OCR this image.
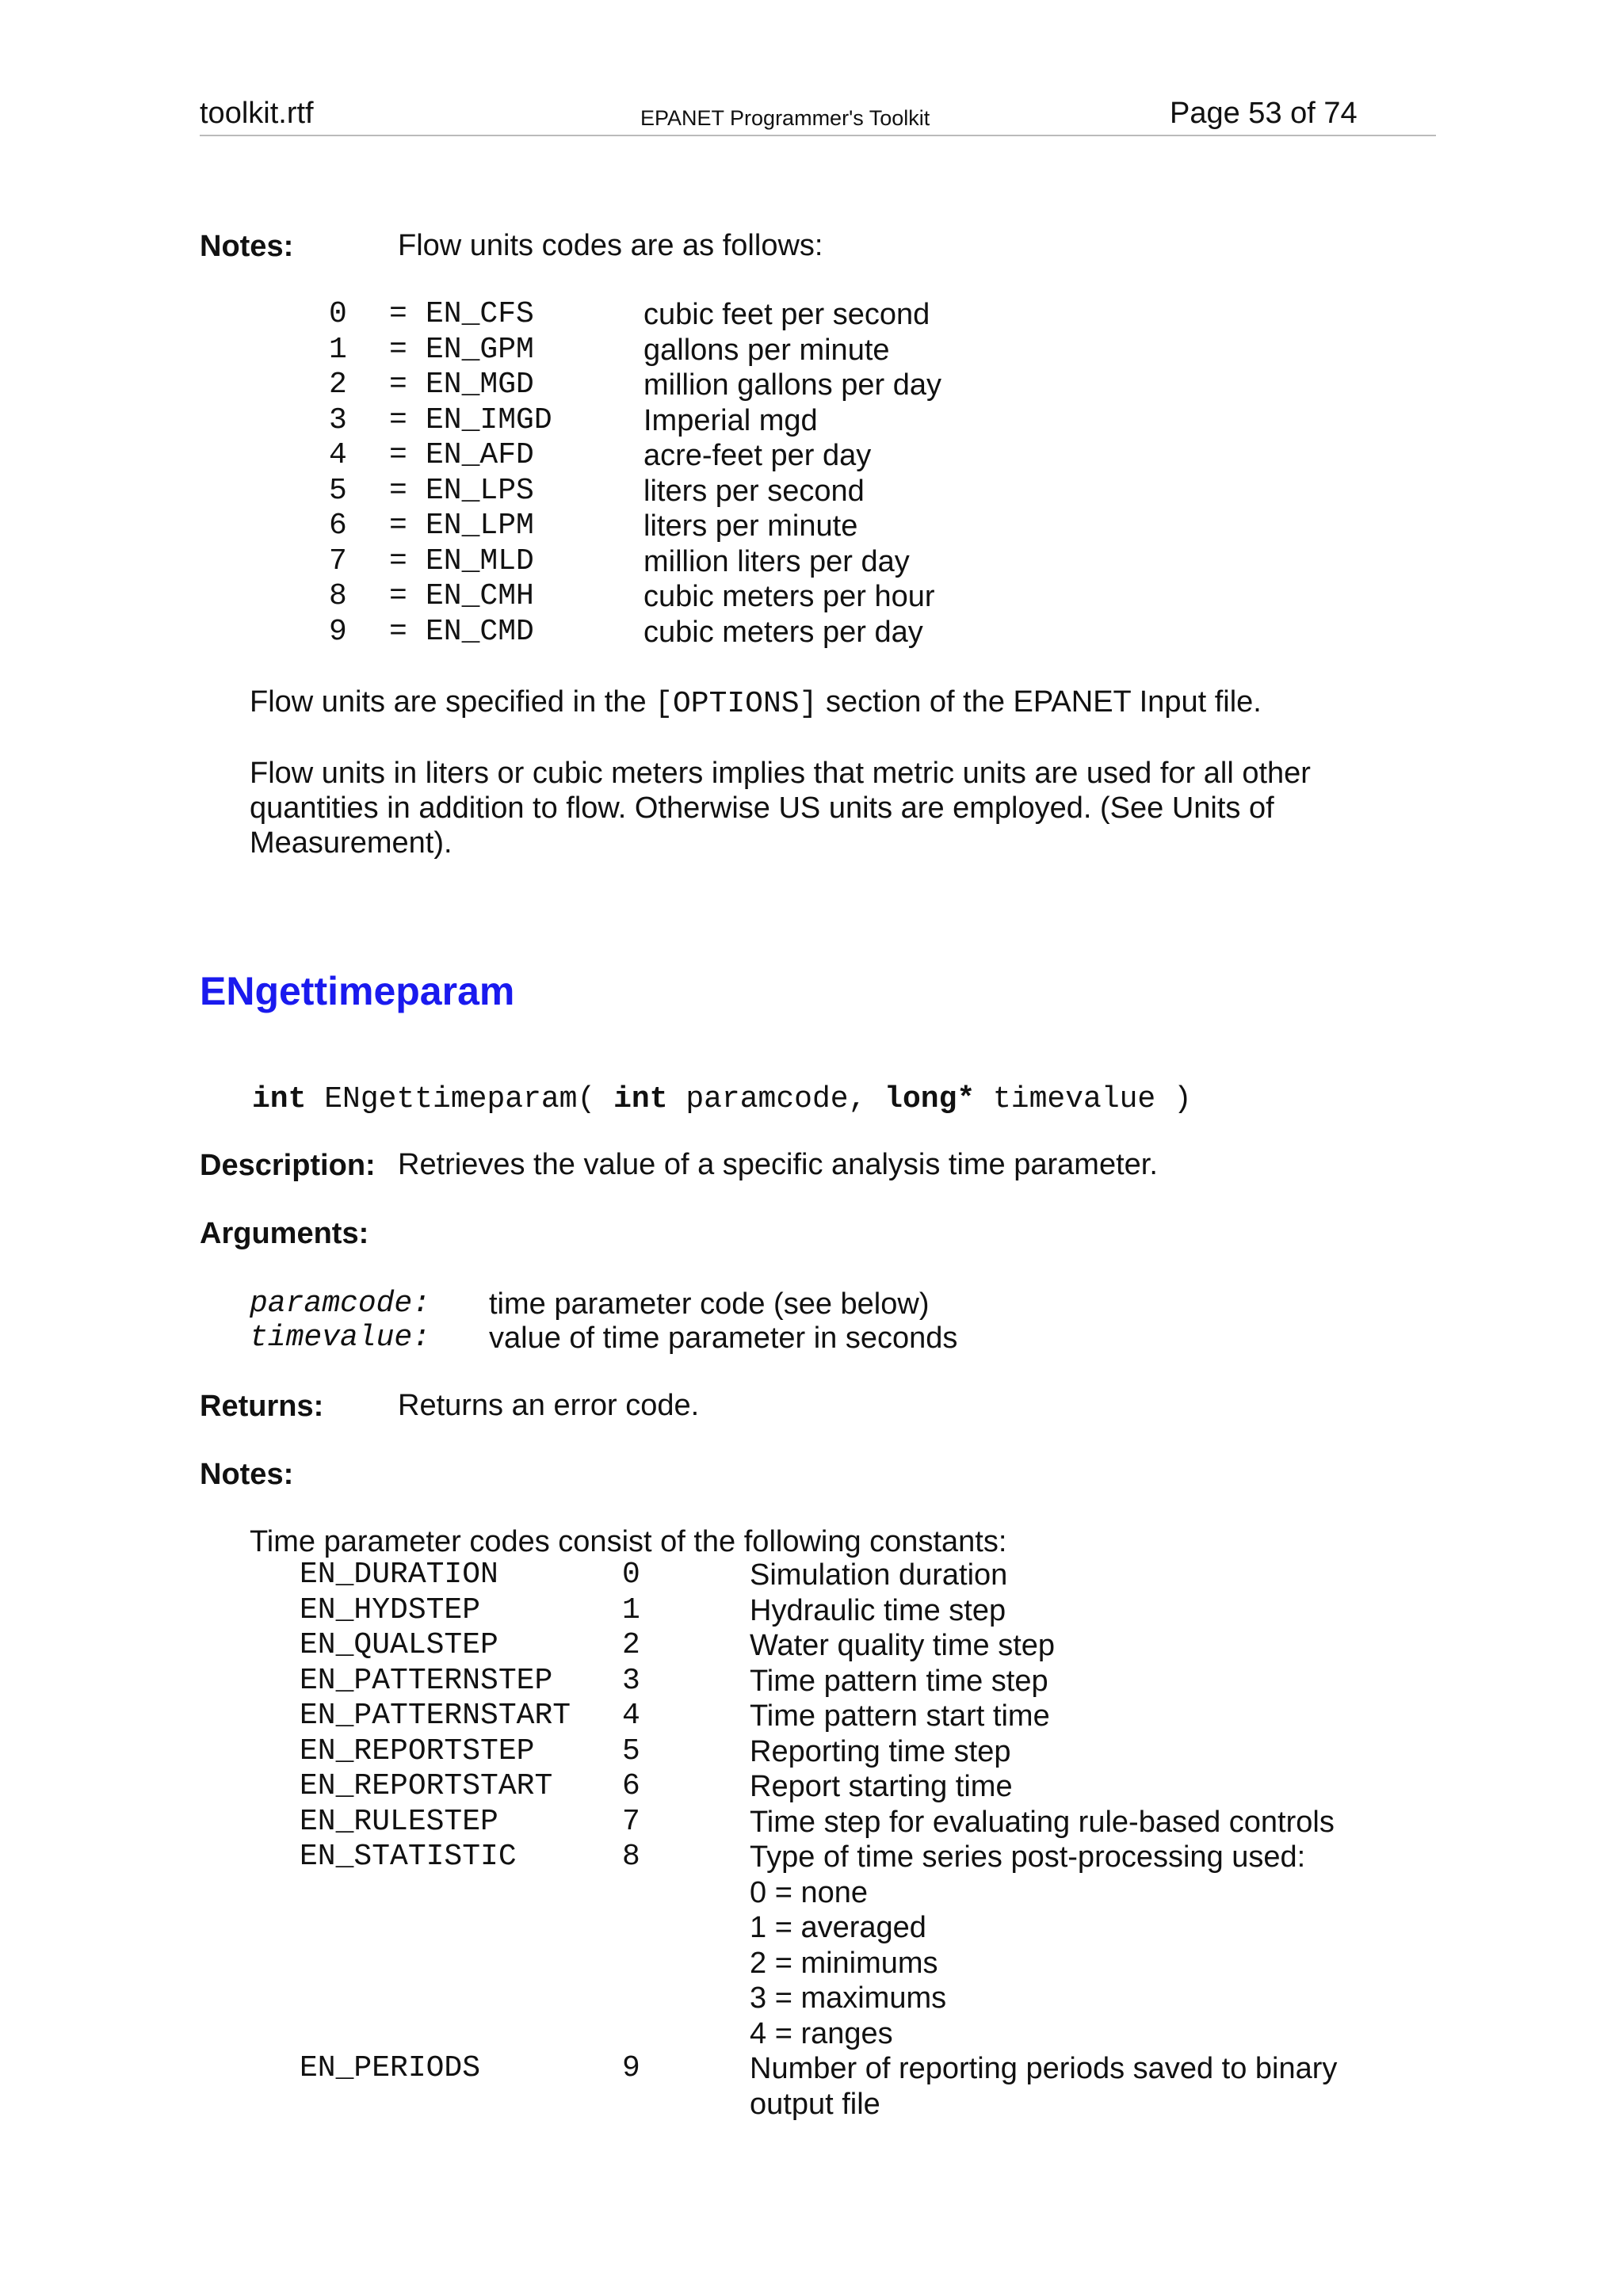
toolkit.rtf	EPANET Programmer's Toolkit	Page 53 of 74
Notes:	Flow units codes are as follows:
0 = EN_CFS	cubic feet per second
1 = EN_GPM	gallons per minute
2 = EN_MGD	million gallons per day
3 = EN_IMGD	Imperial mgd
4 = EN_AFD	acre-feet per day
5 = EN_LPS	liters per second
6 = EN_LPM	liters per minute
7 = EN_MLD	million liters per day
8 = EN_CMH	cubic meters per hour
9 = EN_CMD	cubic meters per day
Flow units are specified in the [OPTIONS] section of the EPANET Input file.
Flow units in liters or cubic meters implies that metric units are used for all other
quantities in addition to flow. Otherwise US units are employed. (See Units of
Measurement).
ENgettimeparam
int ENgettimeparam( int paramcode, long* timevalue )
Description: Retrieves the value of a specific analysis time parameter.
Arguments:
paramcode: time parameter code (see below)
timevalue: value of time parameter in seconds
Returns: Returns an error code.
Notes:
Time parameter codes consist of the following constants:
EN_DURATION	0	Simulation duration
EN_HYDSTEP	1	Hydraulic time step
EN_QUALSTEP	2	Water quality time step
EN_PATTERNSTEP 3	Time pattern time step
EN_PATTERNSTART 4	Time pattern start time
EN_REPORTSTEP	5	Reporting time step
EN_REPORTSTART 6	Report starting time
EN_RULESTEP	7	Time step for evaluating rule-based controls
EN_STATISTIC	8	Type of time series post-processing used:
0 = none
1 = averaged
2 = minimums
3 = maximums
4 = ranges
EN_PERIODS	9	Number of reporting periods saved to binary
output file
